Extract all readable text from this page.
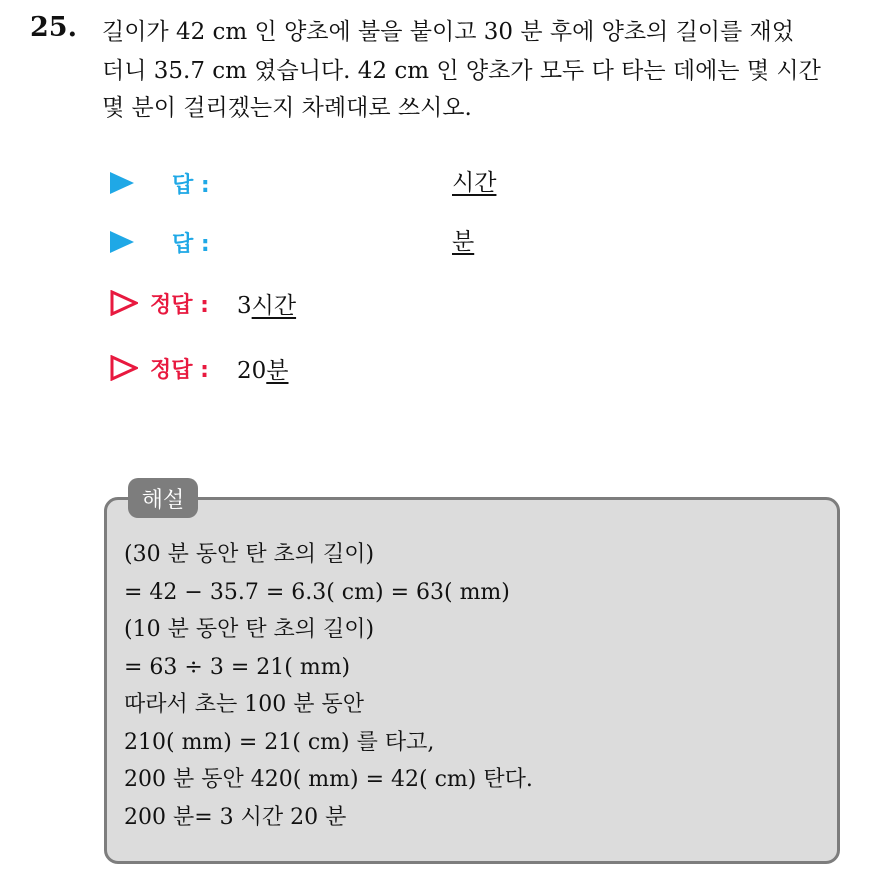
25. 길이가 42 cm 인 양초에 불을 붙이고 30 분 후에 양초의 길이를 재었
더니 35.7 cm 였습니다. 42 cm 인 양초가 모두 다 타는 데에는 몇 시간
몇 분이 걸리겠는지 차례대로 쓰시오.
답 :	시간
답 :	분
정답 : 3시간
정답 : 20분
해설
(30 분 동안 탄 초의 길이)
= 42 − 35.7 = 6.3( cm) = 63( mm)
(10 분 동안 탄 초의 길이)
= 63 ÷ 3 = 21( mm)
따라서 초는 100 분 동안
210( mm) = 21( cm) 를 타고,
200 분 동안 420( mm) = 42( cm) 탄다.
200 분= 3 시간 20 분
